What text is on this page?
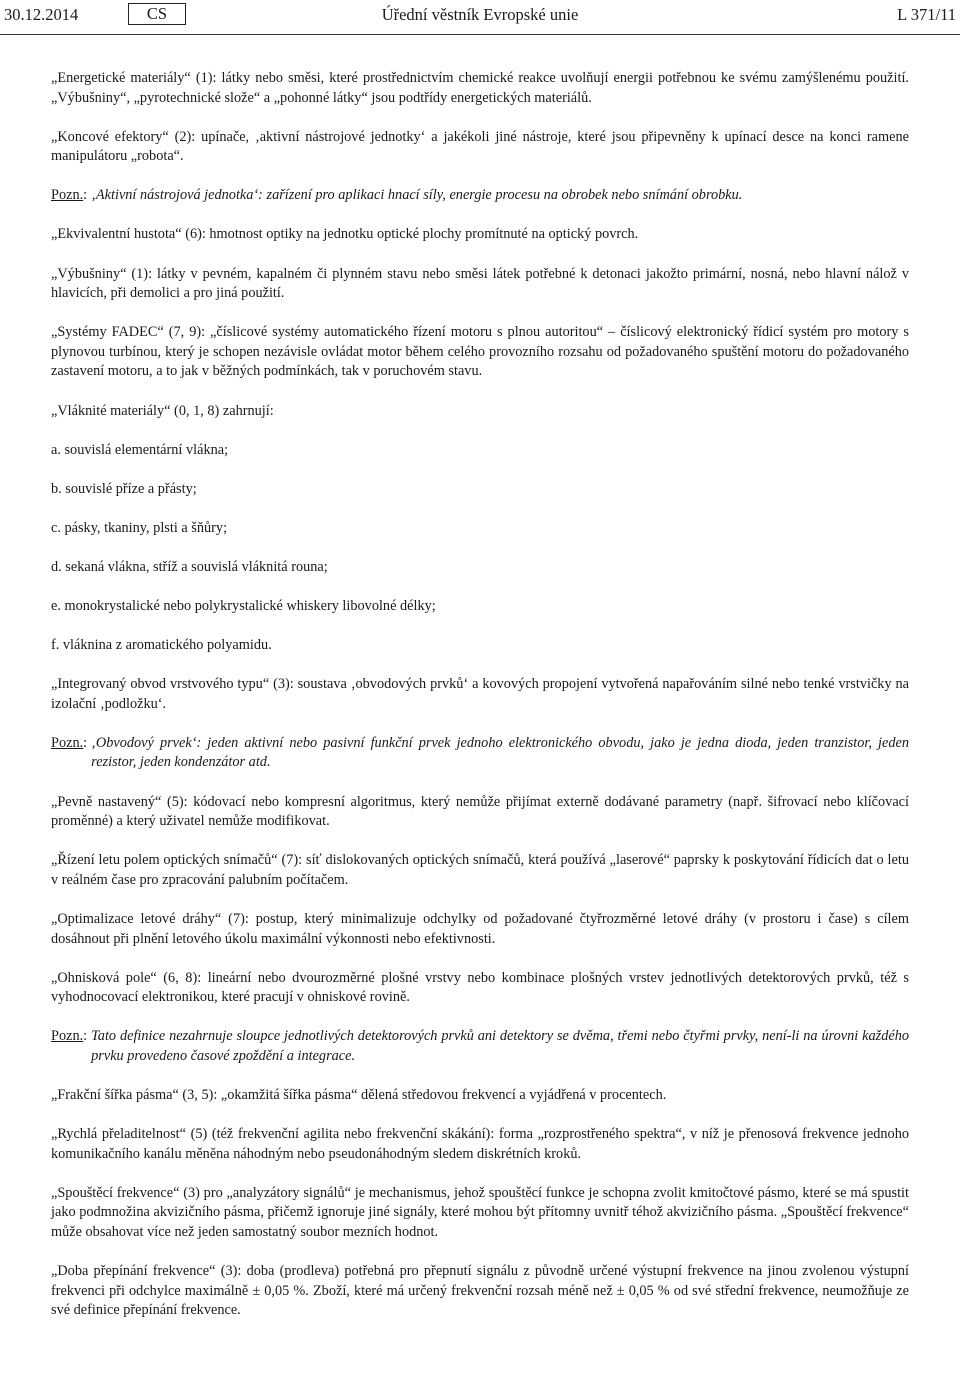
30.12.2014	CS	Úřední věstník Evropské unie	L 371/11

„Energetické materiály“ (1): látky nebo směsi, které prostřednictvím chemické reakce uvolňují energii potřebnou ke svému zamýšlenému použití. „Výbušniny“, „pyrotechnické slože“ a „pohonné látky“ jsou podtřídy energetických materiálů.

„Koncové efektory“ (2): upínače, ‚aktivní nástrojové jednotky‘ a jakékoli jiné nástroje, které jsou připevněny k upínací desce na konci ramene manipulátoru „robota“.

Pozn. : ‚Aktivní nástrojová jednotka‘: zařízení pro aplikaci hnací síly, energie procesu na obrobek nebo snímání obrobku.

„Ekvivalentní hustota“ (6): hmotnost optiky na jednotku optické plochy promítnuté na optický povrch.

„Výbušniny“ (1): látky v pevném, kapalném či plynném stavu nebo směsi látek potřebné k detonaci jakožto primární, nosná, nebo hlavní nálož v hlavicích, při demolici a pro jiná použití.

„Systémy FADEC“ (7, 9): „číslicové systémy automatického řízení motoru s plnou autoritou“ – číslicový elektronický řídicí systém pro motory s plynovou turbínou, který je schopen nezávisle ovládat motor během celého provozního rozsahu od požadovaného spuštění motoru do požadovaného zastavení motoru, a to jak v běžných podmínkách, tak v poruchovém stavu.

„Vláknité materiály“ (0, 1, 8) zahrnují:

a. souvislá elementární vlákna;

b. souvislé příze a přásty;

c. pásky, tkaniny, plsti a šňůry;

d. sekaná vlákna, stříž a souvislá vláknitá rouna;

e. monokrystalické nebo polykrystalické whiskery libovolné délky;

f. vláknina z aromatického polyamidu.

„Integrovaný obvod vrstvového typu“ (3): soustava ‚obvodových prvků‘ a kovových propojení vytvořená napařováním silné nebo tenké vrstvičky na izolační ‚podložku‘.

Pozn. : ‚Obvodový prvek‘: jeden aktivní nebo pasivní funkční prvek jednoho elektronického obvodu, jako je jedna dioda, jeden tranzistor, jeden rezistor, jeden kondenzátor atd.

„Pevně nastavený“ (5): kódovací nebo kompresní algoritmus, který nemůže přijímat externě dodávané parametry (např. šifrovací nebo klíčovací proměnné) a který uživatel nemůže modifikovat.

„Řízení letu polem optických snímačů“ (7): síť dislokovaných optických snímačů, která používá „laserové“ paprsky k poskytování řídicích dat o letu v reálném čase pro zpracování palubním počítačem.

„Optimalizace letové dráhy“ (7): postup, který minimalizuje odchylky od požadované čtyřrozměrné letové dráhy (v prostoru i čase) s cílem dosáhnout při plnění letového úkolu maximální výkonnosti nebo efektivnosti.

„Ohnisková pole“ (6, 8): lineární nebo dvourozměrné plošné vrstvy nebo kombinace plošných vrstev jednotlivých detektorových prvků, též s vyhodnocovací elektronikou, které pracují v ohniskové rovině.

Pozn. : Tato definice nezahrnuje sloupce jednotlivých detektorových prvků ani detektory se dvěma, třemi nebo čtyřmi prvky, není-li na úrovni každého prvku provedeno časové zpoždění a integrace.

„Frakční šířka pásma“ (3, 5): „okamžitá šířka pásma“ dělená středovou frekvencí a vyjádřená v procentech.

„Rychlá přeladitelnost“ (5) (též frekvenční agilita nebo frekvenční skákání): forma „rozprostřeného spektra“, v níž je přenosová frekvence jednoho komunikačního kanálu měněna náhodným nebo pseudonáhodným sledem diskrétních kroků.

„Spouštěcí frekvence“ (3) pro „analyzátory signálů“ je mechanismus, jehož spouštěcí funkce je schopna zvolit kmitočtové pásmo, které se má spustit jako podmnožina akvizičního pásma, přičemž ignoruje jiné signály, které mohou být přítomny uvnitř téhož akvizičního pásma. „Spouštěcí frekvence“ může obsahovat více než jeden samostatný soubor mezních hodnot.

„Doba přepínání frekvence“ (3): doba (prodleva) potřebná pro přepnutí signálu z původně určené výstupní frekvence na jinou zvolenou výstupní frekvenci při odchylce maximálně ± 0,05 %. Zboží, které má určený frekvenční rozsah méně než ± 0,05 % od své střední frekvence, neumožňuje ze své definice přepínání frekvence.
